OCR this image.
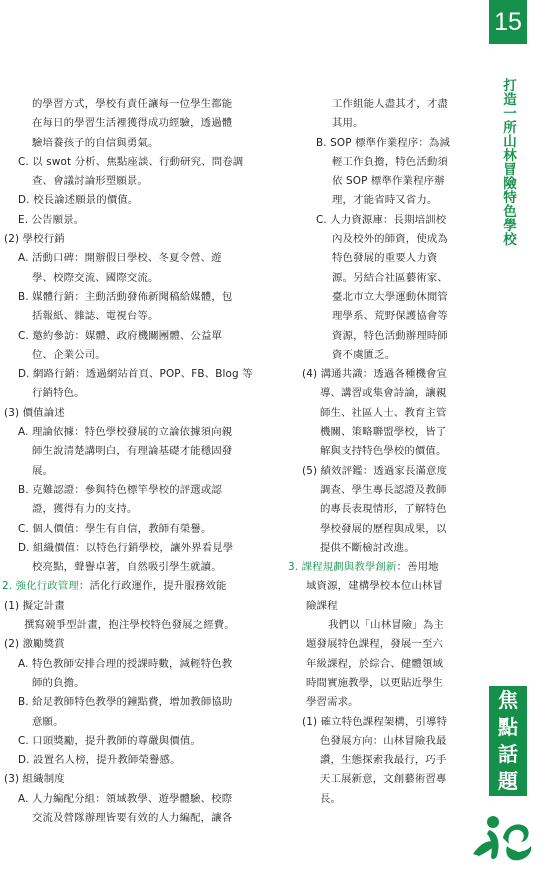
15
打造一所山林冒險特色學校
焦
點
話
題
的學習方式，學校有責任讓每一位學生都能
在每日的學習生活裡獲得成功經驗，透過體
驗培養孩子的自信與勇氣。
C. 以 swot 分析、焦點座談、行動研究、問卷調
查、會議討論形塑願景。
D. 校長論述願景的價值。
E. 公告願景。
(2) 學校行銷
A. 活動口碑：開辦假日學校、冬夏令營、遊
學、校際交流、國際交流。
B. 媒體行銷：主動活動發佈新聞稿給媒體，包
括報紙、雜誌、電視台等。
C. 邀約參訪：媒體、政府機關團體、公益單
位、企業公司。
D. 網路行銷：透過網站首頁、POP、FB、Blog 等
行銷特色。
(3) 價值論述
A. 理論依據：特色學校發展的立論依據須向親
師生說清楚講明白，有理論基礎才能穩固發
展。
B. 克難認證：參與特色標竿學校的評選或認
證，獲得有力的支持。
C. 個人價值：學生有自信，教師有榮譽。
D. 組織價值：以特色行銷學校，讓外界看見學
校亮點，聲譽卓著，自然吸引學生就讀。
2. 強化行政管理：活化行政運作，提升服務效能
(1) 擬定計畫
撰寫競爭型計畫，抱注學校特色發展之經費。
(2) 激勵獎賞
A. 特色教師安排合理的授課時數，減輕特色教
師的負擔。
B. 給足教師特色教學的鐘點費，增加教師協助
意願。
C. 口頭獎勵，提升教師的尊嚴與價值。
D. 設置名人榜，提升教師榮譽感。
(3) 組織制度
A. 人力編配分組：領域教學、遊學體驗、校際
交流及營隊辦理皆要有效的人力編配，讓各
工作組能人盡其才，才盡
其用。
B. SOP 標準作業程序：為減
輕工作負擔，特色活動須
依 SOP 標準作業程序辦
理，才能省時又省力。
C. 人力資源庫：長期培訓校
內及校外的師資，使成為
特色發展的重要人力資
源。另結合社區藝術家、
臺北市立大學運動休閒管
理學系、荒野保護協會等
資源，特色活動辦理時師
資不虞匱乏。
(4) 溝通共識：透過各種機會宣
導、講習或集會詩論，讓親
師生、社區人士、教育主管
機關、策略聯盟學校，皆了
解與支持特色學校的價值。
(5) 績效評鑑：透過家長滿意度
調查、學生專長認證及教師
的專長表現情形，了解特色
學校發展的歷程與成果，以
提供不斷檢討改進。
3. 課程規劃與教學創新：善用地
域資源，建構學校本位山林冒
險課程
我們以「山林冒險」為主
題發展特色課程，發展一至六
年級課程，於綜合、健體領域
時間實施教學，以更貼近學生
學習需求。
(1) 確立特色課程架構，引導特
色發展方向：山林冒險我最
讚，生態探索我最行，巧手
天工展新意，文創藝術習專
長。
